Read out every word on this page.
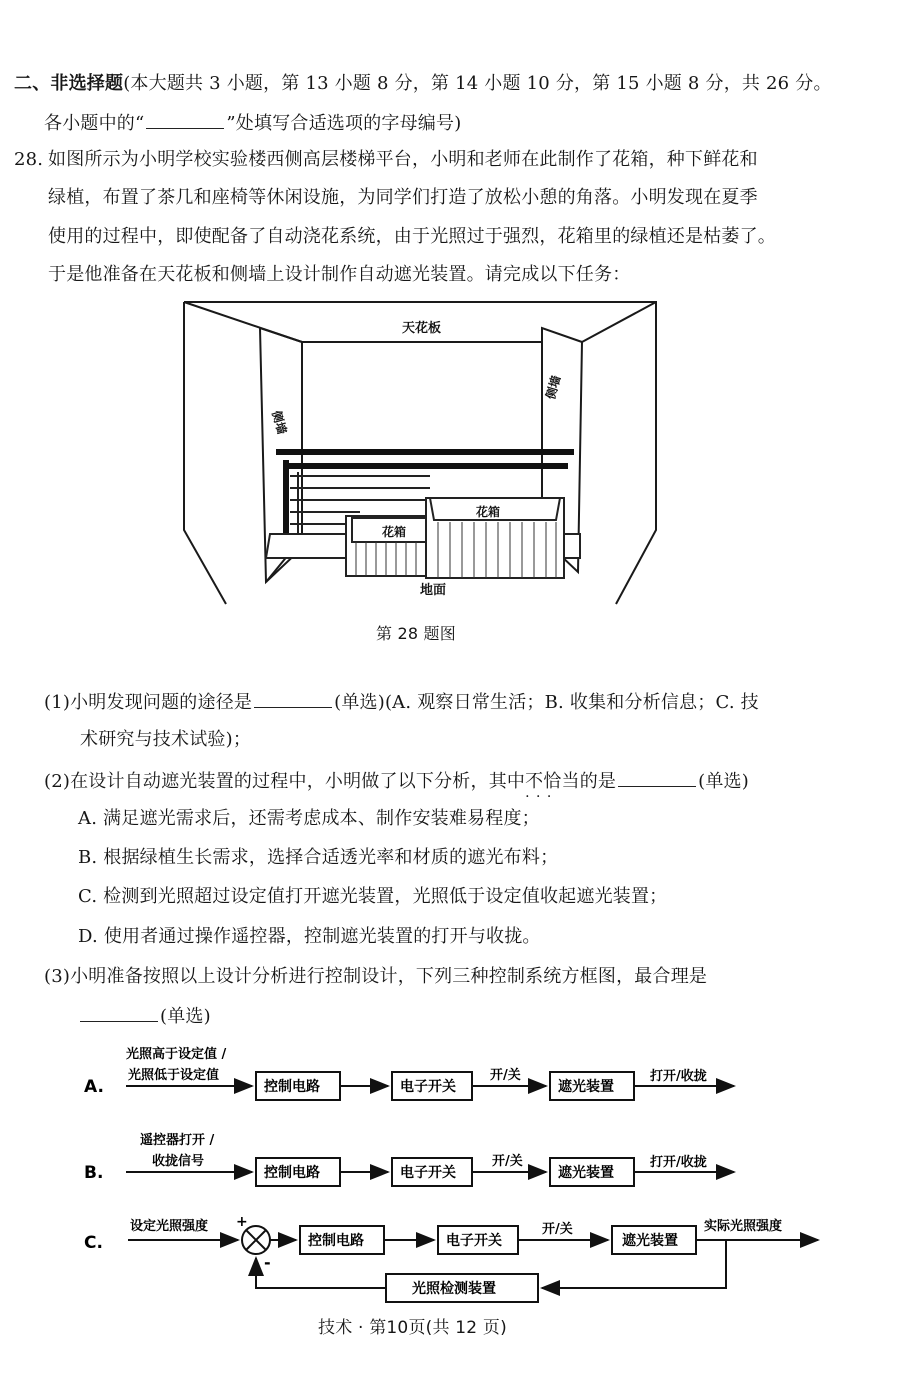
二、非选择题(本大题共 3 小题，第 13 小题 8 分，第 14 小题 10 分，第 15 小题 8 分，共 26 分。
各小题中的“	”处填写合适选项的字母编号)
28. 如图所示为小明学校实验楼西侧高层楼梯平台，小明和老师在此制作了花箱，种下鲜花和
绿植，布置了茶几和座椅等休闲设施，为同学们打造了放松小憩的角落。小明发现在夏季
使用的过程中，即使配备了自动浇花系统，由于光照过于强烈，花箱里的绿植还是枯萎了。
于是他准备在天花板和侧墙上设计制作自动遮光装置。请完成以下任务：
天花板
侧墙
侧墙
花箱
花箱
地面
第 28 题图
(1)小明发现问题的途径是	(单选)(A. 观察日常生活；B. 收集和分析信息；C. 技
术研究与技术试验)；
(2)在设计自动遮光装置的过程中，小明做了以下分析，其中不恰当 · · ·的是	(单选)
A. 满足遮光需求后，还需考虑成本、制作安装难易程度；
B. 根据绿植生长需求，选择合适透光率和材质的遮光布料；
C. 检测到光照超过设定值打开遮光装置，光照低于设定值收起遮光装置；
D. 使用者通过操作遥控器，控制遮光装置的打开与收拢。
(3)小明准备按照以上设计分析进行控制设计，下列三种控制系统方框图，最合理是
(单选)
A.
光照高于设定值 /
光照低于设定值
控制电路	电子开关	遮光装置
开/关	打开/收拢
B.
遥控器打开 /
收拢信号
控制电路	电子开关	遮光装置
开/关	打开/收拢
C.
设定光照强度 +
-
控制电路	电子开关	遮光装置
光照检测装置
开/关	实际光照强度
技术 · 第10页(共 12 页)
